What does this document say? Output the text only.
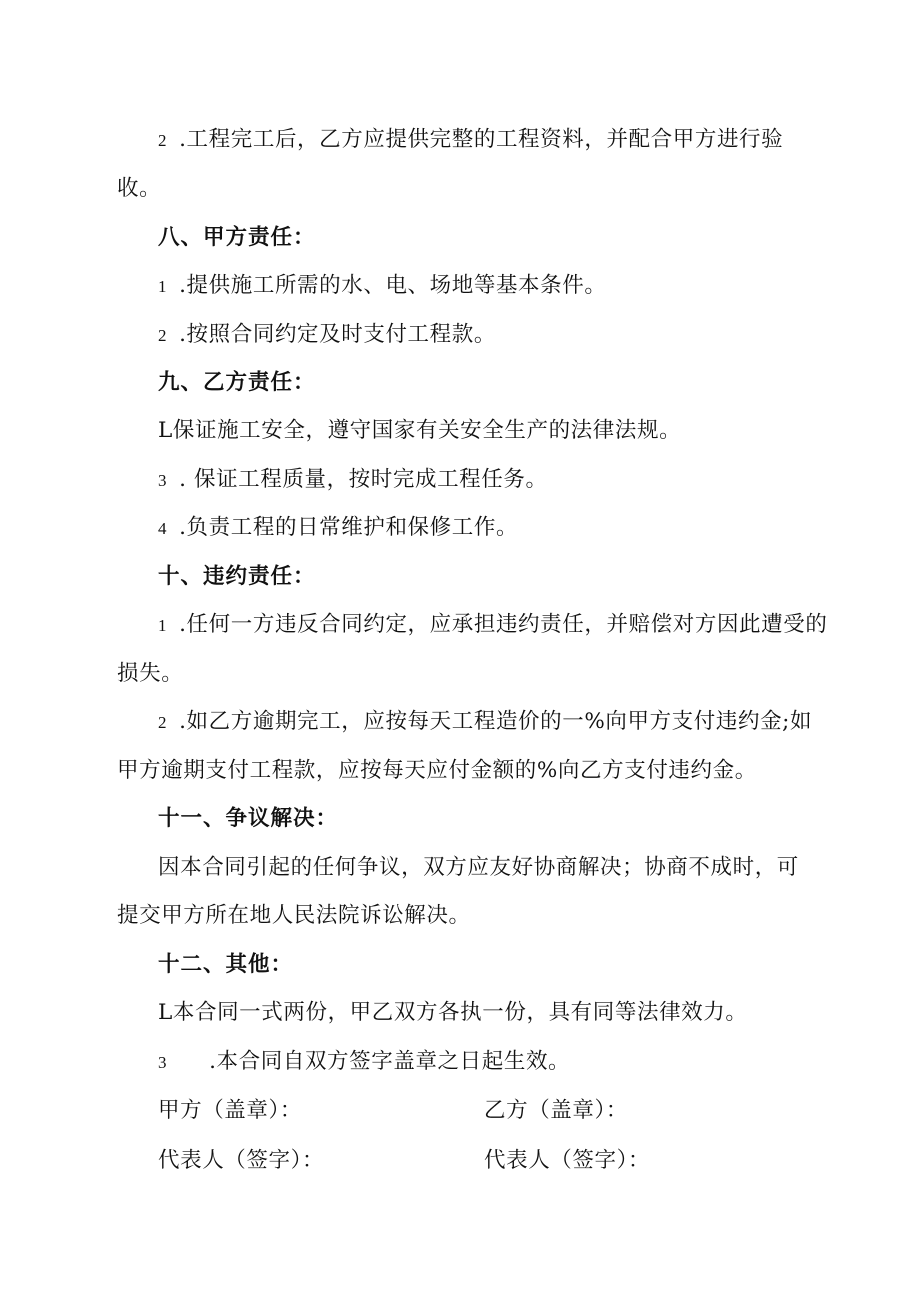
2 .工程完工后，乙方应提供完整的工程资料，并配合甲方进行验
收。
八、甲方责任：
1 .提供施工所需的水、电、场地等基本条件。
2 .按照合同约定及时支付工程款。
九、乙方责任：
L保证施工安全，遵守国家有关安全生产的法律法规。
3 . 保证工程质量，按时完成工程任务。
4 .负责工程的日常维护和保修工作。
十、违约责任：
1 .任何一方违反合同约定，应承担违约责任，并赔偿对方因此遭受的
损失。
2 .如乙方逾期完工，应按每天工程造价的一%向甲方支付违约金;如
甲方逾期支付工程款，应按每天应付金额的%向乙方支付违约金。
十一、争议解决：
因本合同引起的任何争议，双方应友好协商解决；协商不成时，可
提交甲方所在地人民法院诉讼解决。
十二、其他：
L本合同一式两份，甲乙双方各执一份，具有同等法律效力。
3 .本合同自双方签字盖章之日起生效。
甲方（盖章）：	乙方（盖章）：
代表人（签字）：	代表人（签字）：
